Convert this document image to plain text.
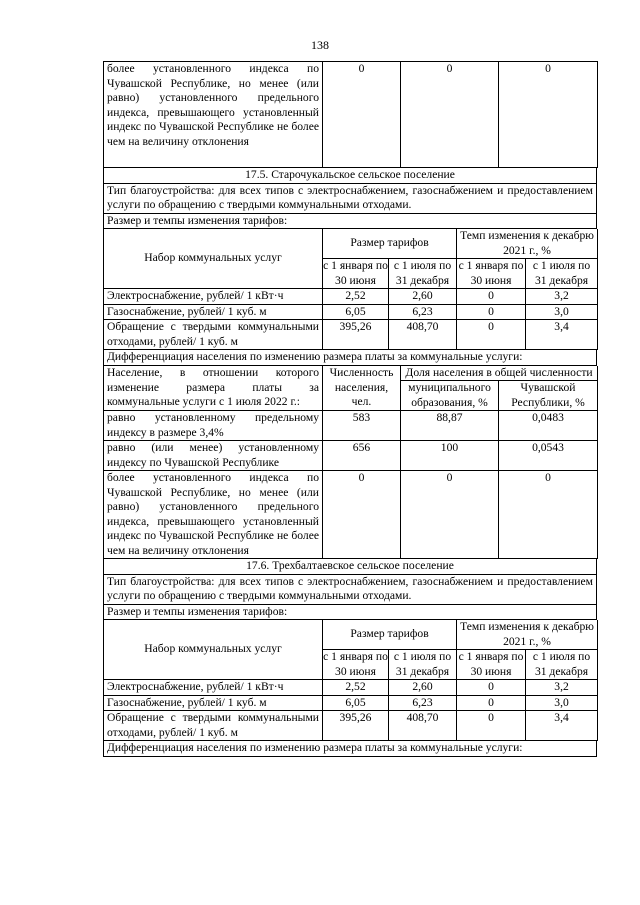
138
более установленного индекса по Чувашской Республике, но менее (или равно) установленного предельного индекса, превышающего установленный индекс по Чувашской Республике не более чем на величину отклонения	0	0	0
17.5. Старочукальское сельское поселение
Тип благоустройства: для всех типов с электроснабжением, газоснабжением и предоставлением услуги по обращению с твердыми коммунальными отходами.
Размер и темпы изменения тарифов:
Набор коммунальных услуг	Размер тарифов		Темп изменения к декабрю 2021 г., %	
	с 1 января по 30 июня	с 1 июля по 31 декабря	с 1 января по 30 июня	с 1 июля по 31 декабря
Электроснабжение, рублей/ 1 кВт·ч	2,52	2,60	0	3,2
Газоснабжение, рублей/ 1 куб. м	6,05	6,23	0	3,0
Обращение с твердыми коммунальными отходами, рублей/ 1 куб. м	395,26	408,70	0	3,4
Дифференциация населения по изменению размера платы за коммунальные услуги:
Население, в отношении которого изменение размера платы за коммунальные услуги с 1 июля 2022 г.:	Численность населения, чел.	Доля населения в общей численности	
		муниципального образования, %	Чувашской Республики, %
равно установленному предельному индексу в размере 3,4%	583	88,87	0,0483
равно (или менее) установленному индексу по Чувашской Республике	656	100	0,0543
более установленного индекса по Чувашской Республике, но менее (или равно) установленного предельного индекса, превышающего установленный индекс по Чувашской Республике не более чем на величину отклонения	0	0	0
17.6. Трехбалтаевское сельское поселение
Тип благоустройства: для всех типов с электроснабжением, газоснабжением и предоставлением услуги по обращению с твердыми коммунальными отходами.
Размер и темпы изменения тарифов:
Набор коммунальных услуг	Размер тарифов		Темп изменения к декабрю 2021 г., %	
	с 1 января по 30 июня	с 1 июля по 31 декабря	с 1 января по 30 июня	с 1 июля по 31 декабря
Электроснабжение, рублей/ 1 кВт·ч	2,52	2,60	0	3,2
Газоснабжение, рублей/ 1 куб. м	6,05	6,23	0	3,0
Обращение с твердыми коммунальными отходами, рублей/ 1 куб. м	395,26	408,70	0	3,4
Дифференциация населения по изменению размера платы за коммунальные услуги:
